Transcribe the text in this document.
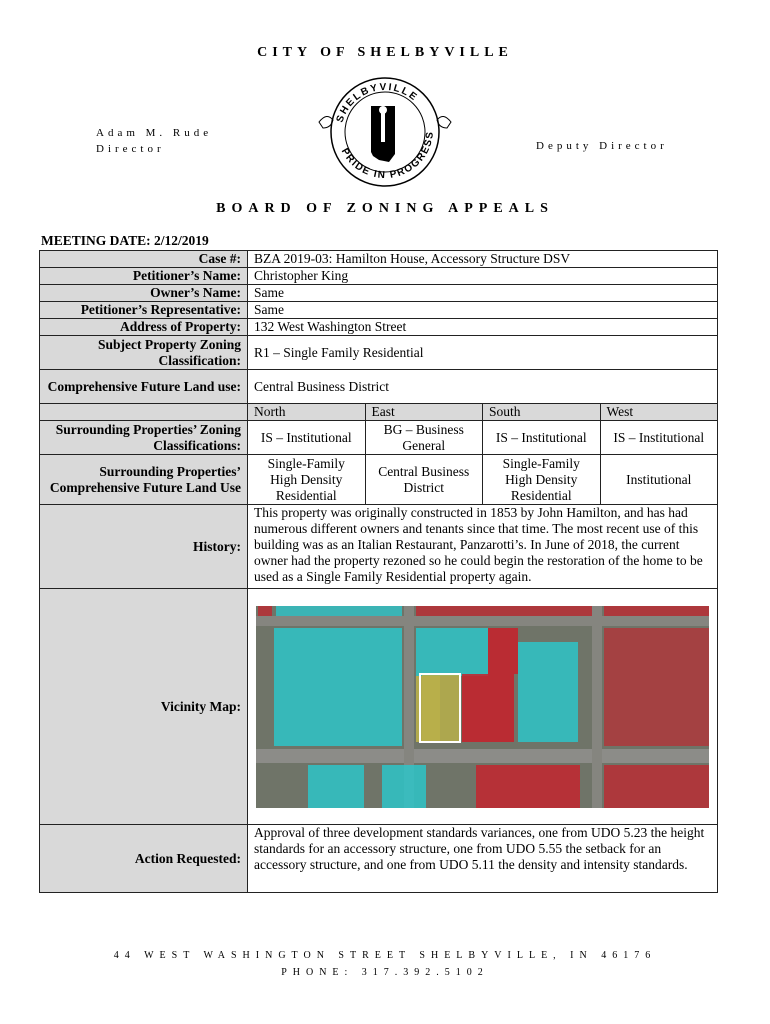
CITY OF SHELBYVILLE
Adam M. Rude
Director
SHELBYVILLE
PRIDE IN PROGRESS
Deputy Director
BOARD OF ZONING APPEALS
MEETING DATE: 2/12/2019
Case #:	BZA 2019-03: Hamilton House, Accessory Structure DSV			
Petitioner’s Name:	Christopher King			
Owner’s Name:	Same			
Petitioner’s Representative:	Same			
Address of Property:	132 West Washington Street			
Subject Property Zoning Classification:	R1 – Single Family Residential			
Comprehensive Future Land use:	Central Business District			
	North	East	South	West
Surrounding Properties’ Zoning Classifications:	IS – Institutional	BG – Business General	IS – Institutional	IS – Institutional
Surrounding Properties’ Comprehensive Future Land Use	Single-Family High Density Residential	Central Business District	Single-Family High Density Residential	Institutional
History:	This property was originally constructed in 1853 by John Hamilton, and has had numerous different owners and tenants since that time. The most recent use of this building was as an Italian Restaurant, Panzarotti’s. In June of 2018, the current owner had the property rezoned so he could begin the restoration of the home to be used as a Single Family Residential property again.			
Vicinity Map:	

Action Requested:	Approval of three development standards variances, one from UDO 5.23 the height standards for an accessory structure, one from UDO 5.55 the setback for an accessory structure, and one from UDO 5.11 the density and intensity standards.			
44 WEST WASHINGTON STREET SHELBYVILLE, IN 46176
PHONE: 317.392.5102
